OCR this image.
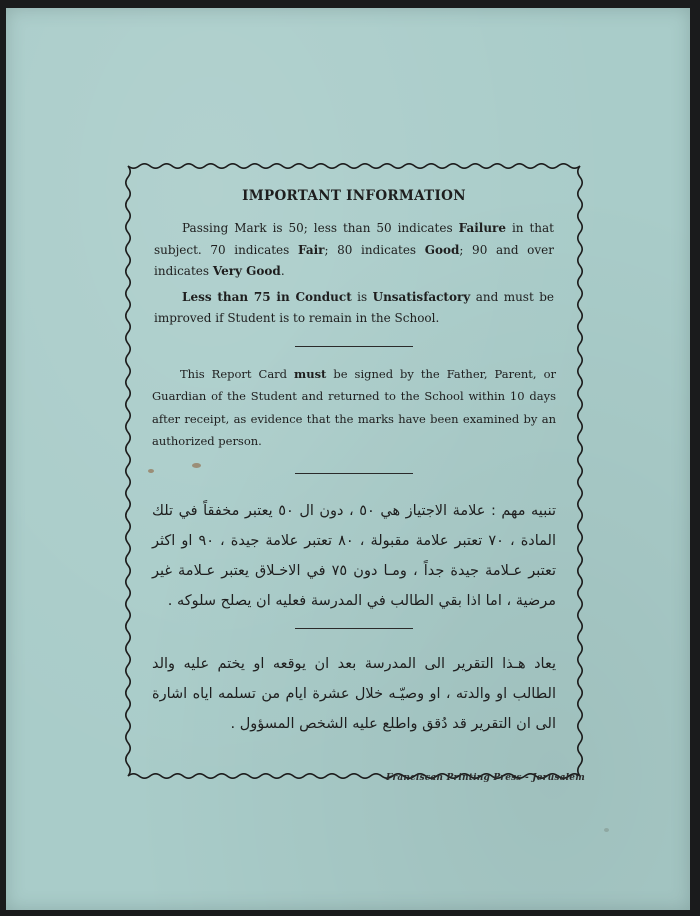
IMPORTANT INFORMATION

Passing Mark is 50; less than 50 indicates Failure in that subject. 70 indicates Fair; 80 indicates Good; 90 and over indicates Very Good.

Less than 75 in Conduct is Unsatisfactory and must be improved if Student is to remain in the School.

This Report Card must be signed by the Father, Parent, or Guardian of the Student and returned to the School within 10 days after receipt, as evidence that the marks have been examined by an authorized person.

تنبيه مهم : علامة الاجتياز هي ٥٠ ، دون ال ٥٠ يعتبر مخفقاً في تلك المادة ، ٧٠ تعتبر علامة مقبولة ، ٨٠ تعتبر علامة جيدة ، ٩٠ او اكثر تعتبر عـلامة جيدة جداً ، ومـا دون ٧٥ في الاخـلاق يعتبر عـلامة غير مرضية ، اما اذا بقي الطالب في المدرسة فعليه ان يصلح سلوكه .

يعاد هـذا التقرير الى المدرسة بعد ان يوقعه او يختم عليه والد الطالب او والدته ، او وصيّـه خلال عشرة ايام من تسلمه اياه اشارة الى ان التقرير قد دُقق واطلع عليه الشخص المسؤول .

Franciscan Printing Press - Jerusalem
